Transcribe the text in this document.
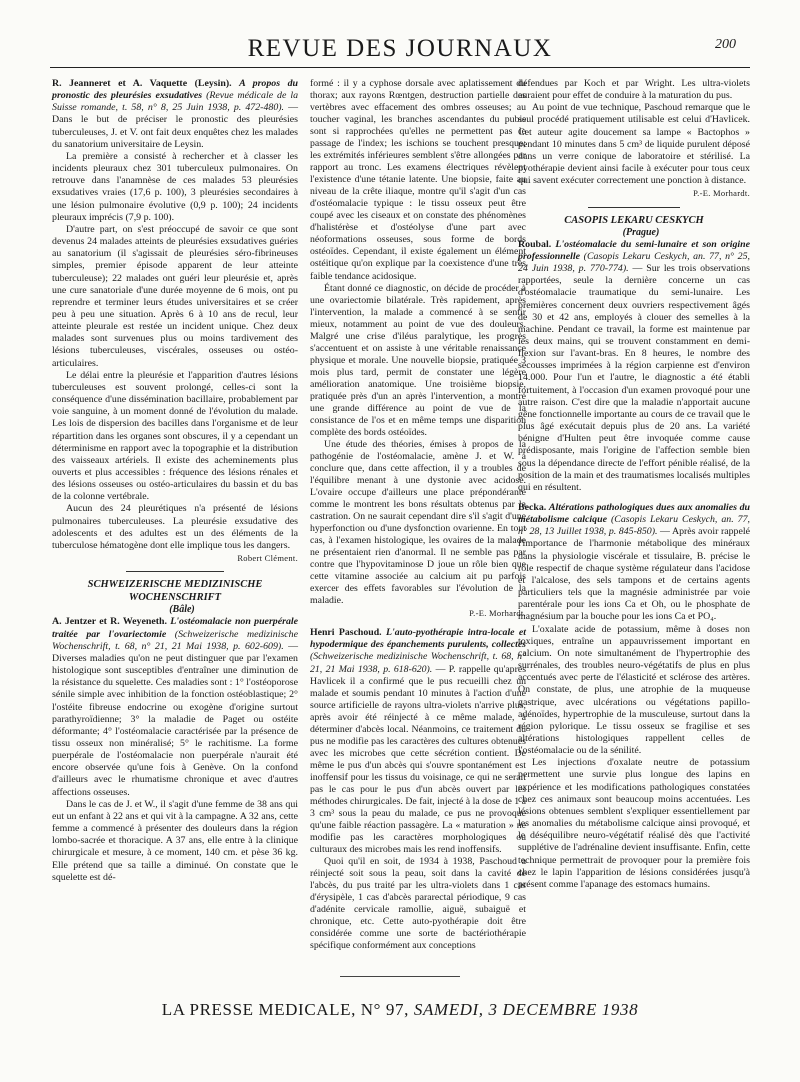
REVUE DES JOURNAUX	200

R. Jeanneret et A. Vaquette (Leysin). A propos du pronostic des pleurésies exsudatives (Revue médicale de la Suisse romande, t. 58, n° 8, 25 Juin 1938, p. 472-480). — Dans le but de préciser le pronostic des pleurésies tuberculeuses, J. et V. ont fait deux enquêtes chez les malades du sanatorium universitaire de Leysin.

La première a consisté à rechercher et à classer les incidents pleuraux chez 301 tuberculeux pulmonaires. On retrouve dans l'anamnèse de ces malades 53 pleurésies exsudatives vraies (17,6 p. 100), 3 pleurésies secondaires à une lésion pulmonaire évolutive (0,9 p. 100); 24 incidents pleuraux imprécis (7,9 p. 100).

D'autre part, on s'est préoccupé de savoir ce que sont devenus 24 malades atteints de pleurésies exsudatives guéries au sanatorium (il s'agissait de pleurésies séro-fibrineuses simples, premier épisode apparent de leur atteinte tuberculeuse); 22 malades ont guéri leur pleurésie et, après une cure sanatoriale d'une durée moyenne de 6 mois, ont pu reprendre et terminer leurs études universitaires et se créer peu à peu une situation. Après 6 à 10 ans de recul, leur atteinte pleurale est restée un incident unique. Chez deux malades sont survenues plus ou moins tardivement des lésions tuberculeuses, viscérales, osseuses ou ostéo-articulaires.

Le délai entre la pleurésie et l'apparition d'autres lésions tuberculeuses est souvent prolongé, celles-ci sont la conséquence d'une dissémination bacillaire, probablement par voie sanguine, à un moment donné de l'évolution du malade. Les lois de dispersion des bacilles dans l'organisme et de leur répartition dans les organes sont obscures, il y a cependant un déterminisme en rapport avec la topographie et la distribution des vaisseaux artériels. Il existe des acheminements plus ouverts et plus accessibles : fréquence des lésions rénales et des lésions osseuses ou ostéo-articulaires du bassin et du bas de la colonne vertébrale.

Aucun des 24 pleurétiques n'a présenté de lésions pulmonaires tuberculeuses. La pleurésie exsudative des adolescents et des adultes est un des éléments de la tuberculose hématogène dont elle implique tous les dangers.

Robert Clément.

SCHWEIZERISCHE MEDIZINISCHE WOCHENSCHRIFT

(Bâle)

A. Jentzer et R. Weyeneth. L'ostéomalacie non puerpérale traitée par l'ovariectomie (Schweizerische medizinische Wochenschrift, t. 68, n° 21, 21 Mai 1938, p. 602-609). — Diverses maladies qu'on ne peut distinguer que par l'examen histologique sont susceptibles d'entraîner une diminution de la résistance du squelette. Ces maladies sont : 1° l'ostéoporose sénile simple avec inhibition de la fonction ostéoblastique; 2° l'ostéite fibreuse endocrine ou exogène d'origine surtout parathyroïdienne; 3° la maladie de Paget ou ostéite déformante; 4° l'ostéomalacie caractérisée par la présence de tissu osseux non minéralisé; 5° le rachitisme. La forme puerpérale de l'ostéomalacie non puerpérale n'aurait été encore observée qu'une fois à Genève. On la confond d'ailleurs avec le rhumatisme chronique et avec d'autres affections osseuses.

Dans le cas de J. et W., il s'agit d'une femme de 38 ans qui eut un enfant à 22 ans et qui vit à la campagne. A 32 ans, cette femme a commencé à présenter des douleurs dans la région lombo-sacrée et thoracique. A 37 ans, elle entre à la clinique chirurgicale et mesure, à ce moment, 140 cm. et pèse 36 kg. Elle prétend que sa taille a diminué. On constate que le squelette est dé-

formé : il y a cyphose dorsale avec aplatissement du thorax; aux rayons Rœntgen, destruction partielle des vertèbres avec effacement des ombres osseuses; au toucher vaginal, les branches ascendantes du pubis sont si rapprochées qu'elles ne permettent pas le passage de l'index; les ischions se touchent presque; les extrémités inférieures semblent s'être allongées par rapport au tronc. Les examens électriques révèlent l'existence d'une tétanie latente. Une biopsie, faite au niveau de la crête iliaque, montre qu'il s'agit d'un cas d'ostéomalacie typique : le tissu osseux peut être coupé avec les ciseaux et on constate des phénomènes d'halistérèse et d'ostéolyse d'une part avec néoformations osseuses, sous forme de bords ostéoïdes. Cependant, il existe également un élément ostéitique qu'on explique par la coexistence d'une très faible tendance acidosique.

Étant donné ce diagnostic, on décide de procéder à une ovariectomie bilatérale. Très rapidement, après l'intervention, la malade a commencé à se sentir mieux, notamment au point de vue des douleurs. Malgré une crise d'iléus paralytique, les progrès s'accentuent et on assiste à une véritable renaissance physique et morale. Une nouvelle biopsie, pratiquée 3 mois plus tard, permit de constater une légère amélioration anatomique. Une troisième biopsie, pratiquée près d'un an après l'intervention, a montré une grande différence au point de vue de la consistance de l'os et en même temps une disparition complète des bords ostéoïdes.

Une étude des théories, émises à propos de la pathogénie de l'ostéomalacie, amène J. et W. à conclure que, dans cette affection, il y a troubles de l'équilibre menant à une dystonie avec acidose. L'ovaire occupe d'ailleurs une place prépondérante comme le montrent les bons résultats obtenus par la castration. On ne saurait cependant dire s'il s'agit d'une hyperfonction ou d'une dysfonction ovarienne. En tout cas, à l'examen histologique, les ovaires de la malade ne présentaient rien d'anormal. Il ne semble pas par contre que l'hypovitaminose D joue un rôle bien que cette vitamine associée au calcium ait pu parfois exercer des effets favorables sur l'évolution de la maladie.

P.-E. Morhardt.

Henri Paschoud. L'auto-pyothérapie intra-locale et hypodermique des épanchements purulents, collectés (Schweizerische medizinische Wochenschrift, t. 68, n° 21, 21 Mai 1938, p. 618-620). — P. rappelle qu'après Havlicek il a confirmé que le pus recueilli chez un malade et soumis pendant 10 minutes à l'action d'une source artificielle de rayons ultra-violets n'arrive plus, après avoir été réinjecté à ce même malade, à déterminer d'abcès local. Néanmoins, ce traitement du pus ne modifie pas les caractères des cultures obtenues avec les microbes que cette sécrétion contient. De même le pus d'un abcès qui s'ouvre spontanément est inoffensif pour les tissus du voisinage, ce qui ne serait pas le cas pour le pus d'un abcès ouvert par les méthodes chirurgicales. De fait, injecté à la dose de 1 à 3 cm³ sous la peau du malade, ce pus ne provoque qu'une faible réaction passagère. La « maturation » ne modifie pas les caractères morphologiques ou culturaux des microbes mais les rend inoffensifs.

Quoi qu'il en soit, de 1934 à 1938, Paschoud a réinjecté soit sous la peau, soit dans la cavité de l'abcès, du pus traité par les ultra-violets dans 1 cas d'érysipèle, 1 cas d'abcès pararectal périodique, 9 cas d'adénite cervicale ramollie, aiguë, subaiguë et chronique, etc. Cette auto-pyothérapie doit être considérée comme une sorte de bactériothérapie spécifique conformément aux conceptions

défendues par Koch et par Wright. Les ultra-violets auraient pour effet de conduire à la maturation du pus.

Au point de vue technique, Paschoud remarque que le seul procédé pratiquement utilisable est celui d'Havlicek. Cet auteur agite doucement sa lampe « Bactophos » pendant 10 minutes dans 5 cm³ de liquide purulent déposé dans un verre conique de laboratoire et stérilisé. La pyothérapie devient ainsi facile à exécuter pour tous ceux qui savent exécuter correctement une ponction à distance.

P.-E. Morhardt.

CASOPIS LEKARU CESKYCH

(Prague)

Roubal. L'ostéomalacie du semi-lunaire et son origine professionnelle (Casopis Lekaru Ceskych, an. 77, n° 25, 24 Juin 1938, p. 770-774). — Sur les trois observations rapportées, seule la dernière concerne un cas d'ostéomalacie traumatique du semi-lunaire. Les premières concernent deux ouvriers respectivement âgés de 30 et 42 ans, employés à clouer des semelles à la machine. Pendant ce travail, la forme est maintenue par les deux mains, qui se trouvent constamment en demi-flexion sur l'avant-bras. En 8 heures, le nombre des secousses imprimées à la région carpienne est d'environ 14.000. Pour l'un et l'autre, le diagnostic a été établi fortuitement, à l'occasion d'un examen provoqué pour une autre raison. C'est dire que la maladie n'apportait aucune gêne fonctionnelle importante au cours de ce travail que le plus âgé exécutait depuis plus de 20 ans. La variété bénigne d'Hulten peut être invoquée comme cause prédisposante, mais l'origine de l'affection semble bien sous la dépendance directe de l'effort pénible réalisé, de la position de la main et des traumatismes localisés multiples qui en résultent.

Becka. Altérations pathologiques dues aux anomalies du métabolisme calcique (Casopis Lekaru Ceskych, an. 77, n° 28, 13 Juillet 1938, p. 845-850). — Après avoir rappelé l'importance de l'harmonie métabolique des minéraux dans la physiologie viscérale et tissulaire, B. précise le rôle respectif de chaque système régulateur dans l'acidose et l'alcalose, des sels tampons et de certains agents particuliers tels que la magnésie administrée par voie parentérale pour les ions Ca et Oh, ou le phosphate de magnésium par la bouche pour les ions Ca et PO₄.

L'oxalate acide de potassium, même à doses non toxiques, entraîne un appauvrissement important en calcium. On note simultanément de l'hypertrophie des surrénales, des troubles neuro-végétatifs de plus en plus accentués avec perte de l'élasticité et sclérose des artères. On constate, de plus, une atrophie de la muqueuse gastrique, avec ulcérations ou végétations papillo-adénoïdes, hypertrophie de la musculeuse, surtout dans la région pylorique. Le tissu osseux se fragilise et ses altérations histologiques rappellent celles de l'ostéomalacie ou de la sénilité.

Les injections d'oxalate neutre de potassium permettent une survie plus longue des lapins en expérience et les modifications pathologiques constatées chez ces animaux sont beaucoup moins accentuées. Les lésions obtenues semblent s'expliquer essentiellement par les anomalies du métabolisme calcique ainsi provoqué, et le déséquilibre neuro-végétatif réalisé dès que l'activité supplétive de l'adrénaline devient insuffisante. Enfin, cette technique permettrait de provoquer pour la première fois chez le lapin l'apparition de lésions considérées jusqu'à présent comme l'apanage des estomacs humains.

LA PRESSE MEDICALE, N° 97, SAMEDI, 3 DECEMBRE 1938
